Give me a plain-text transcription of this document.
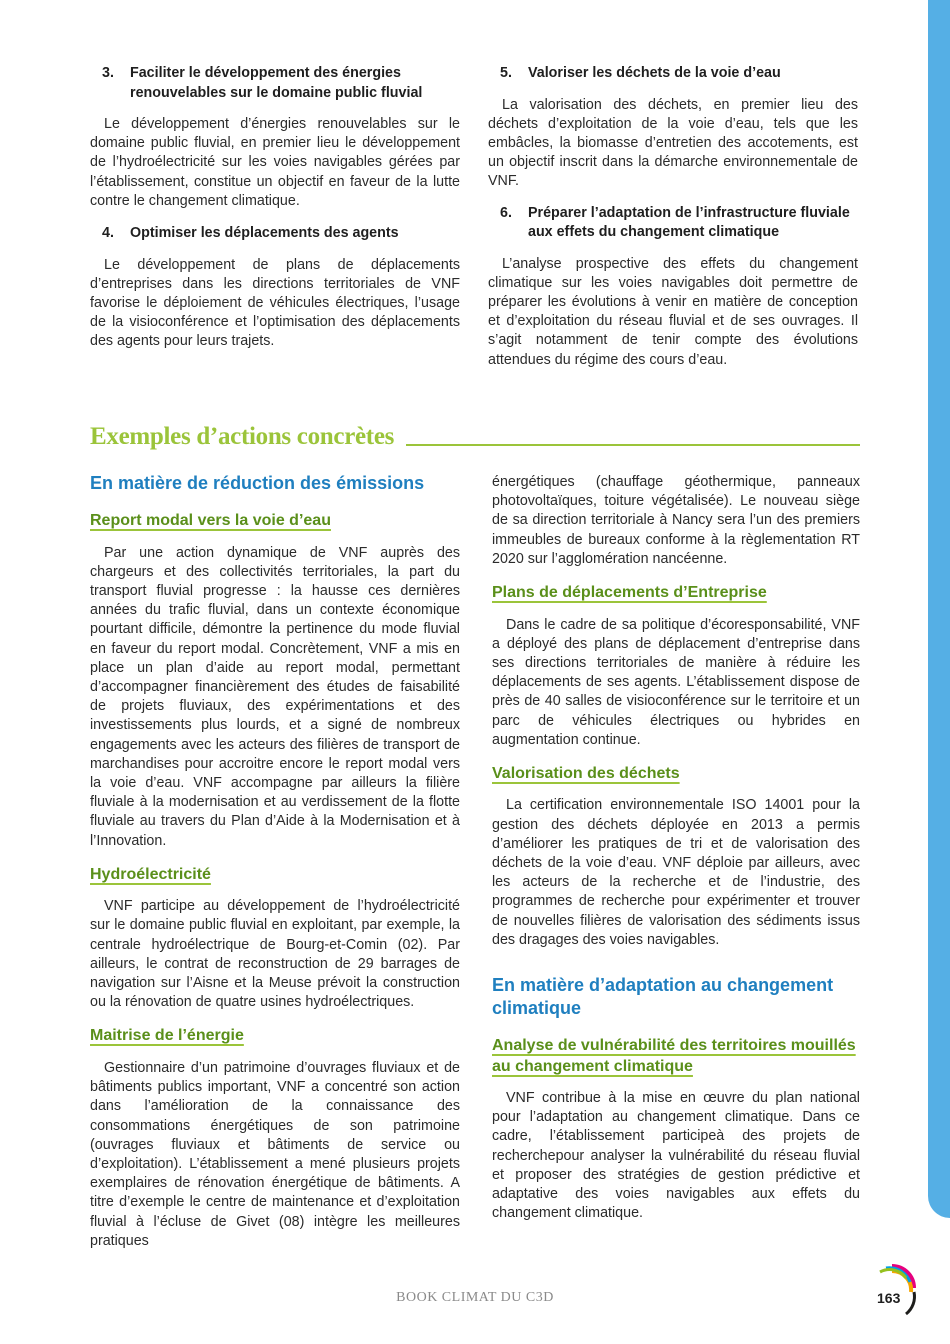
3.	Faciliter le développement des énergies renouvelables sur le domaine public fluvial

Le développement d’énergies renouvelables sur le domaine public fluvial, en premier lieu le développement de l’hydroélectricité sur les voies navigables gérées par l’établissement, constitue un objectif en faveur de la lutte contre le changement climatique.

4.	Optimiser les déplacements des agents

Le développement de plans de déplacements d’entreprises dans les directions territoriales de VNF favorise le déploiement de véhicules électriques, l’usage de la visioconférence et l’optimisation des déplacements des agents pour leurs trajets.

5.	Valoriser les déchets de la voie d’eau

La valorisation des déchets, en premier lieu des déchets d’exploitation de la voie d’eau, tels que les embâcles, la biomasse d’entretien des accotements, est un objectif inscrit dans la démarche environnementale de VNF.

6.	Préparer l’adaptation de l’infrastructure fluviale aux effets du changement climatique

L’analyse prospective des effets du changement climatique sur les voies navigables doit permettre de préparer les évolutions à venir en matière de conception et d’exploitation du réseau fluvial et de ses ouvrages. Il s’agit notamment de tenir compte des évolutions attendues du régime des cours d’eau.

Exemples d’actions concrètes
En matière de réduction des émissions
Report modal vers la voie d’eau

Par une action dynamique de VNF auprès des chargeurs et des collectivités territoriales, la part du transport fluvial progresse : la hausse ces dernières années du trafic fluvial, dans un contexte économique pourtant difficile, démontre la pertinence du mode fluvial en faveur du report modal. Concrètement, VNF a mis en place un plan d’aide au report modal, permettant d’accompagner financièrement des études de faisabilité de projets fluviaux, des expérimentations et des investissements plus lourds, et a signé de nombreux engagements avec les acteurs des filières de transport de marchandises pour accroitre encore le report modal vers la voie d’eau. VNF accompagne par ailleurs la filière fluviale à la modernisation et au verdissement de la flotte fluviale au travers du Plan d’Aide à la Modernisation et à l’Innovation.

Hydroélectricité

VNF participe au développement de l’hydroélectricité sur le domaine public fluvial en exploitant, par exemple, la centrale hydroélectrique de Bourg-et-Comin (02). Par ailleurs, le contrat de reconstruction de 29 barrages de navigation sur l’Aisne et la Meuse prévoit la construction ou la rénovation de quatre usines hydroélectriques.

Maitrise de l’énergie

Gestionnaire d’un patrimoine d’ouvrages fluviaux et de bâtiments publics important, VNF a concentré son action dans l’amélioration de la connaissance des consommations énergétiques de son patrimoine (ouvrages fluviaux et bâtiments de service ou d’exploitation). L’établissement a mené plusieurs projets exemplaires de rénovation énergétique de bâtiments. A titre d’exemple le centre de maintenance et d’exploitation fluvial à l’écluse de Givet (08) intègre les meilleures pratiques

énergétiques (chauffage géothermique, panneaux photovoltaïques, toiture végétalisée). Le nouveau siège de sa direction territoriale à Nancy sera l’un des premiers immeubles de bureaux conforme à la règlementation RT 2020 sur l’agglomération nancéenne.

Plans de déplacements d’Entreprise

Dans le cadre de sa politique d’écoresponsabilité, VNF a déployé des plans de déplacement d’entreprise dans ses directions territoriales de manière à réduire les déplacements de ses agents. L’établissement dispose de près de 40 salles de visioconférence sur le territoire et un parc de véhicules électriques ou hybrides en augmentation continue.

Valorisation des déchets

La certification environnementale ISO 14001 pour la gestion des déchets déployée en 2013 a permis d’améliorer les pratiques de tri et de valorisation des déchets de la voie d’eau. VNF déploie par ailleurs, avec les acteurs de la recherche et de l’industrie, des programmes de recherche pour expérimenter et trouver de nouvelles filières de valorisation des sédiments issus des dragages des voies navigables.

En matière d’adaptation au changement climatique
Analyse de vulnérabilité des territoires mouillés au changement climatique

VNF contribue à la mise en œuvre du plan national pour l’adaptation au changement climatique. Dans ce cadre, l’établissement participeà des projets de recherchepour analyser la vulnérabilité du réseau fluvial et proposer des stratégies de gestion prédictive et adaptative des voies navigables aux effets du changement climatique.

BOOK CLIMAT DU C3D	163
